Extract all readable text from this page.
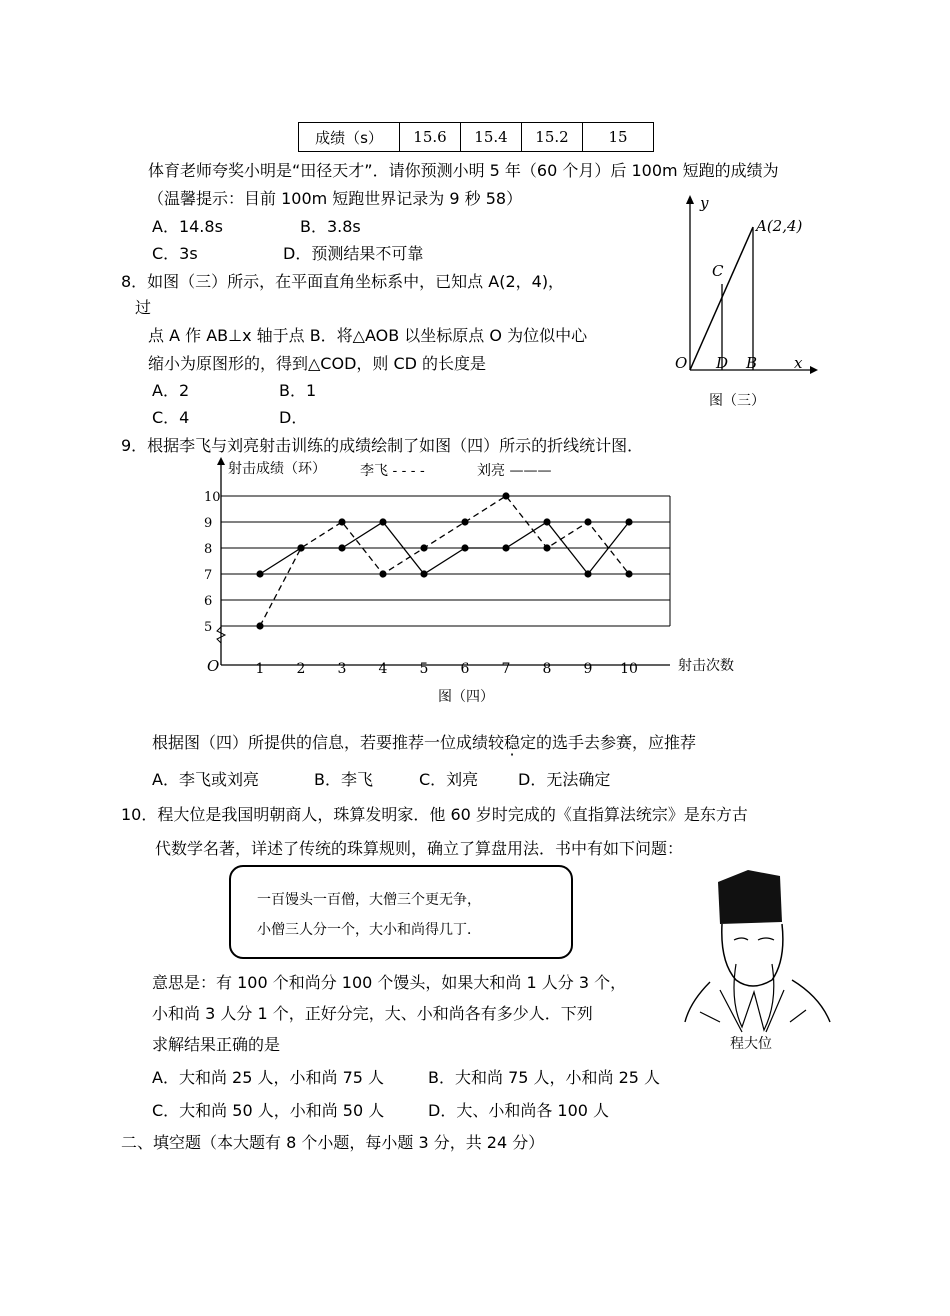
成绩（s）	15.6	15.4	15.2	15
体育老师夸奖小明是“田径天才”．请你预测小明 5 年（60 个月）后 100m 短跑的成绩为
（温馨提示：目前 100m 短跑世界记录为 9 秒 58）
A．14.8s	B．3.8s
C．3s	D．预测结果不可靠
8．如图（三）所示，在平面直角坐标系中，已知点 A(2，4)，
过
点 A 作 AB⊥x 轴于点 B．将△AOB 以坐标原点 O 为位似中心
缩小为原图形的，得到△COD，则 CD 的长度是
A．2	B．1
C．4	D．
y
A(2,4)
C
O D B x
图（三）
9．根据李飞与刘亮射击训练的成绩绘制了如图（四）所示的折线统计图．
射击成绩（环） 李飞 - - - -	刘亮 ———
射击次数
O
图（四）
5
6
7
8
9
10
1 2 3 4 5 6 7 8 9 10
根据图（四）所提供的信息，若要推荐一位成绩较稳定的选手去参赛，应推荐
A．李飞或刘亮	B．李飞	C．刘亮 D．无法确定
10．程大位是我国明朝商人，珠算发明家．他 60 岁时完成的《直指算法统宗》是东方古
代数学名著，详述了传统的珠算规则，确立了算盘用法．书中有如下问题：
一百馒头一百僧，大僧三个更无争，
小僧三人分一个，大小和尚得几丁．
意思是：有 100 个和尚分 100 个馒头，如果大和尚 1 人分 3 个，
小和尚 3 人分 1 个，正好分完，大、小和尚各有多少人．下列
求解结果正确的是	程大位
A．大和尚 25 人，小和尚 75 人	B．大和尚 75 人，小和尚 25 人
C．大和尚 50 人，小和尚 50 人	D．大、小和尚各 100 人
二、填空题（本大题有 8 个小题，每小题 3 分，共 24 分）
